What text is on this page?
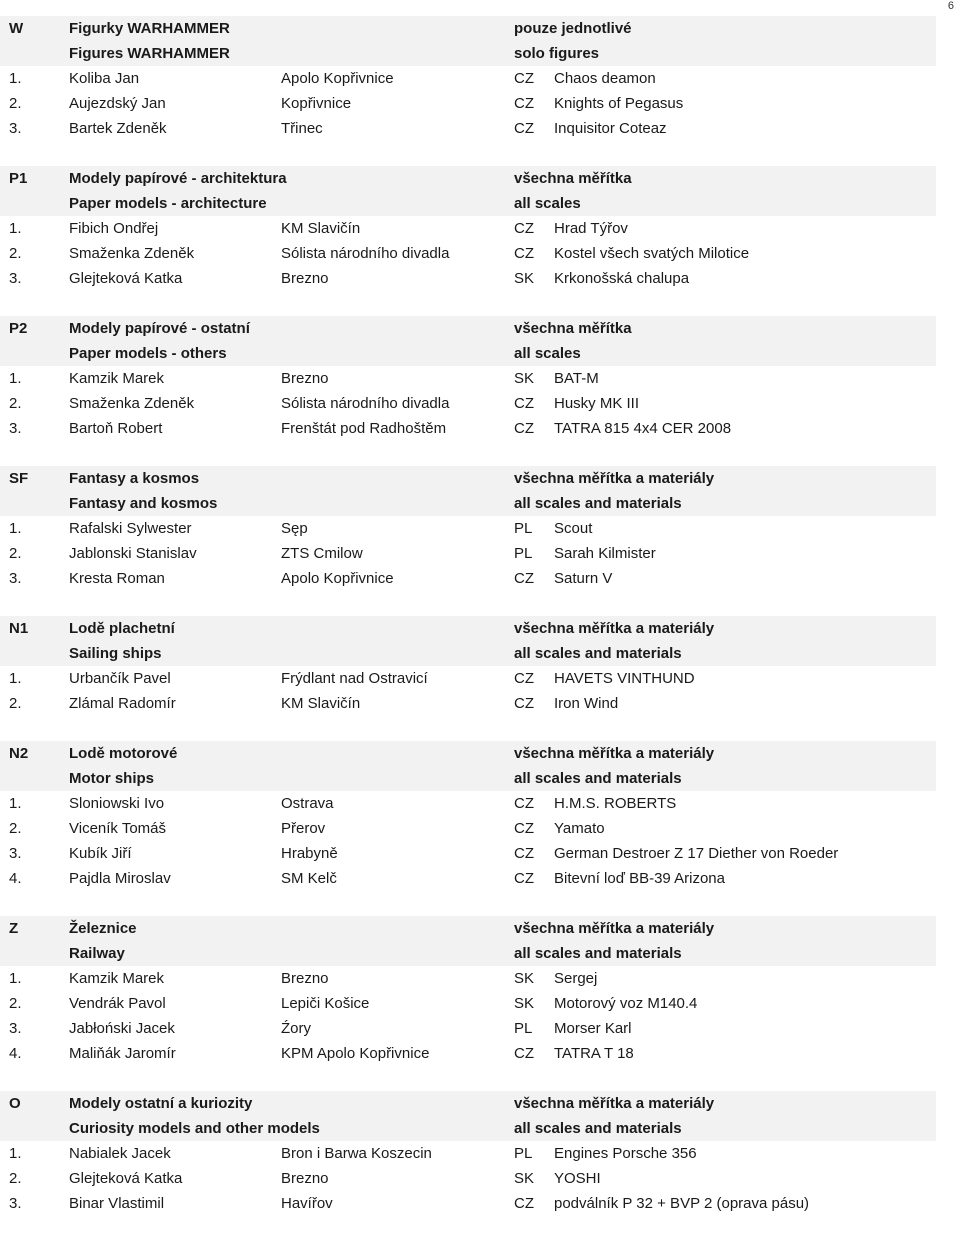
6
W	Figurky WARHAMMER	pouze jednotlivé
Figures WARHAMMER	solo figures
1.	Koliba Jan	Apolo Kopřivnice	CZ Chaos deamon
2.	Aujezdský Jan	Kopřivnice	CZ Knights of Pegasus
3.	Bartek Zdeněk	Třinec	CZ Inquisitor Coteaz
P1	Modely papírové - architektura	všechna měřítka
Paper models - architecture	all scales
1.	Fibich Ondřej	KM Slavičín	CZ Hrad Týřov
2.	Smaženka Zdeněk	Sólista národního divadla	CZ Kostel všech svatých Milotice
3.	Glejteková Katka	Brezno	SK Krkonošská chalupa
P2	Modely papírové - ostatní	všechna měřítka
Paper models - others	all scales
1.	Kamzik Marek	Brezno	SK BAT-M
2.	Smaženka Zdeněk	Sólista národního divadla	CZ Husky MK III
3.	Bartoň Robert	Frenštát pod Radhoštěm	CZ TATRA 815 4x4 CER 2008
SF	Fantasy a kosmos	všechna měřítka a materiály
Fantasy and kosmos	all scales and materials
1.	Rafalski Sylwester	Sęp	PL Scout
2.	Jablonski Stanislav	ZTS Cmilow	PL Sarah Kilmister
3.	Kresta Roman	Apolo Kopřivnice	CZ Saturn V
N1	Lodě plachetní	všechna měřítka a materiály
Sailing ships	all scales and materials
1.	Urbančík Pavel	Frýdlant nad Ostravicí	CZ HAVETS VINTHUND
2.	Zlámal Radomír	KM Slavičín	CZ Iron Wind
N2	Lodě motorové	všechna měřítka a materiály
Motor ships	all scales and materials
1.	Sloniowski Ivo	Ostrava	CZ H.M.S. ROBERTS
2.	Viceník Tomáš	Přerov	CZ Yamato
3.	Kubík Jiří	Hrabyně	CZ German Destroer Z 17 Diether von Roeder
4.	Pajdla Miroslav	SM Kelč	CZ Bitevní loď BB-39 Arizona
Z	Železnice	všechna měřítka a materiály
Railway	all scales and materials
1.	Kamzik Marek	Brezno	SK Sergej
2.	Vendrák Pavol	Lepiči Košice	SK Motorový voz M140.4
3.	Jabłoński Jacek	Źory	PL Morser Karl
4.	Maliňák Jaromír	KPM Apolo Kopřivnice	CZ TATRA T 18
O	Modely ostatní a kuriozity	všechna měřítka a materiály
Curiosity models and other models	all scales and materials
1.	Nabialek Jacek	Bron i Barwa Koszecin	PL Engines Porsche 356
2.	Glejteková Katka	Brezno	SK YOSHI
3.	Binar Vlastimil	Havířov	CZ podválník P 32 + BVP 2 (oprava pásu)
